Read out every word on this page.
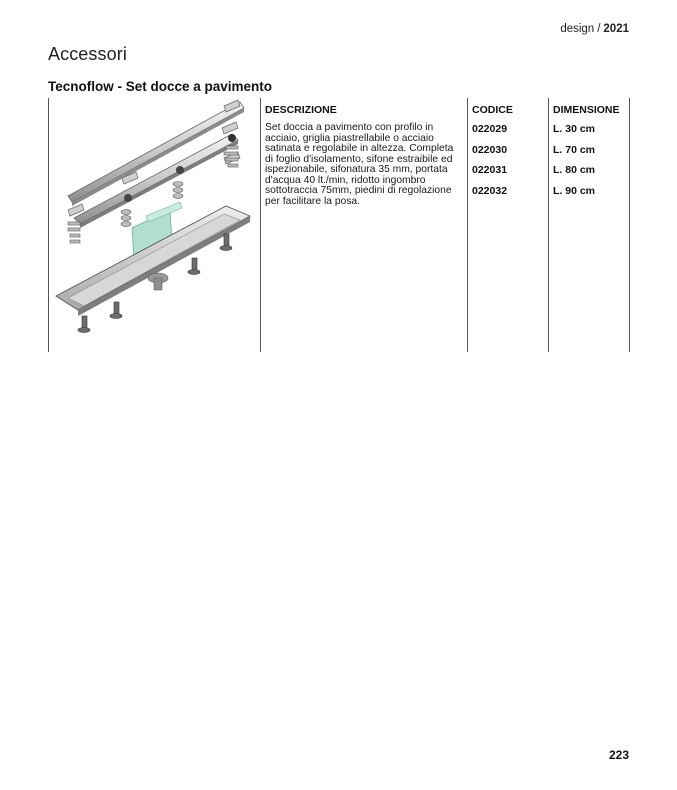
design / 2021
Accessori
Tecnoflow - Set docce a pavimento
DESCRIZIONE	CODICE	DIMENSIONE
Set doccia a pavimento con profilo in acciaio, griglia piastrellabile o acciaio satinata e regolabile in altezza. Completa di foglio d'isolamento, sifone estraibile ed ispezionabile, sifonatura 35 mm, portata d'acqua 40 lt./min, ridotto ingombro sottotraccia 75mm, piedini di regolazione per facilitare la posa.
022029	L. 30 cm
022030	L. 70 cm
022031	L. 80 cm
022032	L. 90 cm
223
